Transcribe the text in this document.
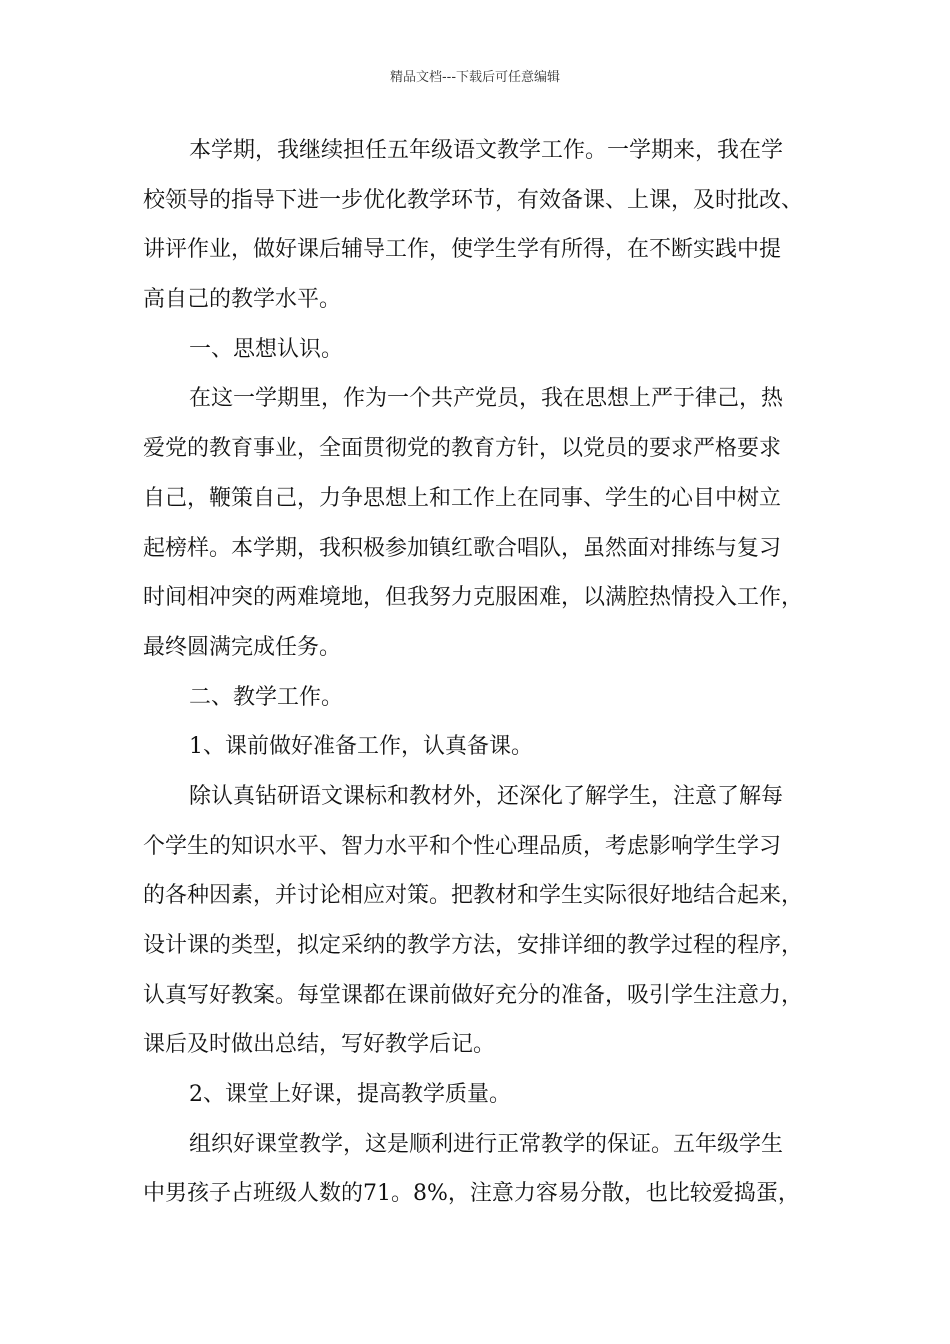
精品文档---下载后可任意编辑
本学期，我继续担任五年级语文教学工作。一学期来，我在学
校领导的指导下进一步优化教学环节，有效备课、上课，及时批改、
讲评作业，做好课后辅导工作，使学生学有所得，在不断实践中提
高自己的教学水平。
一、思想认识。
在这一学期里，作为一个共产党员，我在思想上严于律己，热
爱党的教育事业，全面贯彻党的教育方针，以党员的要求严格要求
自己，鞭策自己，力争思想上和工作上在同事、学生的心目中树立
起榜样。本学期，我积极参加镇红歌合唱队，虽然面对排练与复习
时间相冲突的两难境地，但我努力克服困难，以满腔热情投入工作，
最终圆满完成任务。
二、教学工作。
1、课前做好准备工作，认真备课。
除认真钻研语文课标和教材外，还深化了解学生，注意了解每
个学生的知识水平、智力水平和个性心理品质，考虑影响学生学习
的各种因素，并讨论相应对策。把教材和学生实际很好地结合起来，
设计课的类型，拟定采纳的教学方法，安排详细的教学过程的程序，
认真写好教案。每堂课都在课前做好充分的准备，吸引学生注意力，
课后及时做出总结，写好教学后记。
2、课堂上好课，提高教学质量。
组织好课堂教学，这是顺利进行正常教学的保证。五年级学生
中男孩子占班级人数的71。8%，注意力容易分散，也比较爱捣蛋，
